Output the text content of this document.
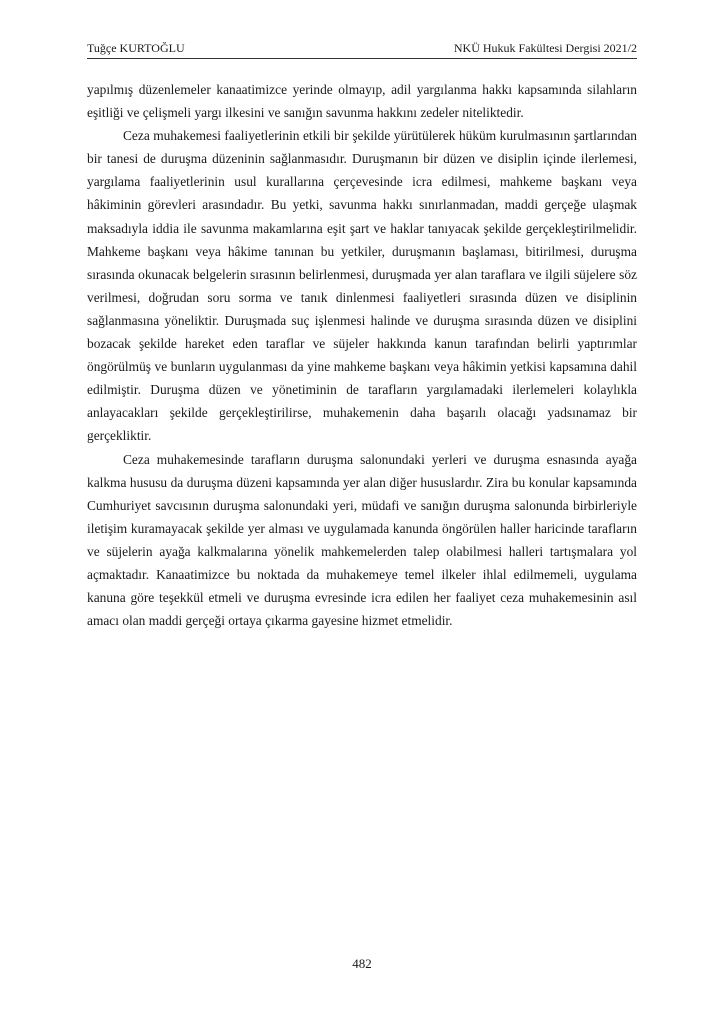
Tuğçe KURTOĞLU	NKÜ Hukuk Fakültesi Dergisi 2021/2

yapılmış düzenlemeler kanaatimizce yerinde olmayıp, adil yargılanma hakkı kapsamında silahların eşitliği ve çelişmeli yargı ilkesini ve sanığın savunma hakkını zedeler niteliktedir.

Ceza muhakemesi faaliyetlerinin etkili bir şekilde yürütülerek hüküm kurulmasının şartlarından bir tanesi de duruşma düzeninin sağlanmasıdır. Duruşmanın bir düzen ve disiplin içinde ilerlemesi, yargılama faaliyetlerinin usul kurallarına çerçevesinde icra edilmesi, mahkeme başkanı veya hâkiminin görevleri arasındadır. Bu yetki, savunma hakkı sınırlanmadan, maddi gerçeğe ulaşmak maksadıyla iddia ile savunma makamlarına eşit şart ve haklar tanıyacak şekilde gerçekleştirilmelidir. Mahkeme başkanı veya hâkime tanınan bu yetkiler, duruşmanın başlaması, bitirilmesi, duruşma sırasında okunacak belgelerin sırasının belirlenmesi, duruşmada yer alan taraflara ve ilgili süjelere söz verilmesi, doğrudan soru sorma ve tanık dinlenmesi faaliyetleri sırasında düzen ve disiplinin sağlanmasına yöneliktir. Duruşmada suç işlenmesi halinde ve duruşma sırasında düzen ve disiplini bozacak şekilde hareket eden taraflar ve süjeler hakkında kanun tarafından belirli yaptırımlar öngörülmüş ve bunların uygulanması da yine mahkeme başkanı veya hâkimin yetkisi kapsamına dahil edilmiştir. Duruşma düzen ve yönetiminin de tarafların yargılamadaki ilerlemeleri kolaylıkla anlayacakları şekilde gerçekleştirilirse, muhakemenin daha başarılı olacağı yadsınamaz bir gerçekliktir.

Ceza muhakemesinde tarafların duruşma salonundaki yerleri ve duruşma esnasında ayağa kalkma hususu da duruşma düzeni kapsamında yer alan diğer hususlardır. Zira bu konular kapsamında Cumhuriyet savcısının duruşma salonundaki yeri, müdafi ve sanığın duruşma salonunda birbirleriyle iletişim kuramayacak şekilde yer alması ve uygulamada kanunda öngörülen haller haricinde tarafların ve süjelerin ayağa kalkmalarına yönelik mahkemelerden talep olabilmesi halleri tartışmalara yol açmaktadır. Kanaatimizce bu noktada da muhakemeye temel ilkeler ihlal edilmemeli, uygulama kanuna göre teşekkül etmeli ve duruşma evresinde icra edilen her faaliyet ceza muhakemesinin asıl amacı olan maddi gerçeği ortaya çıkarma gayesine hizmet etmelidir.

482
